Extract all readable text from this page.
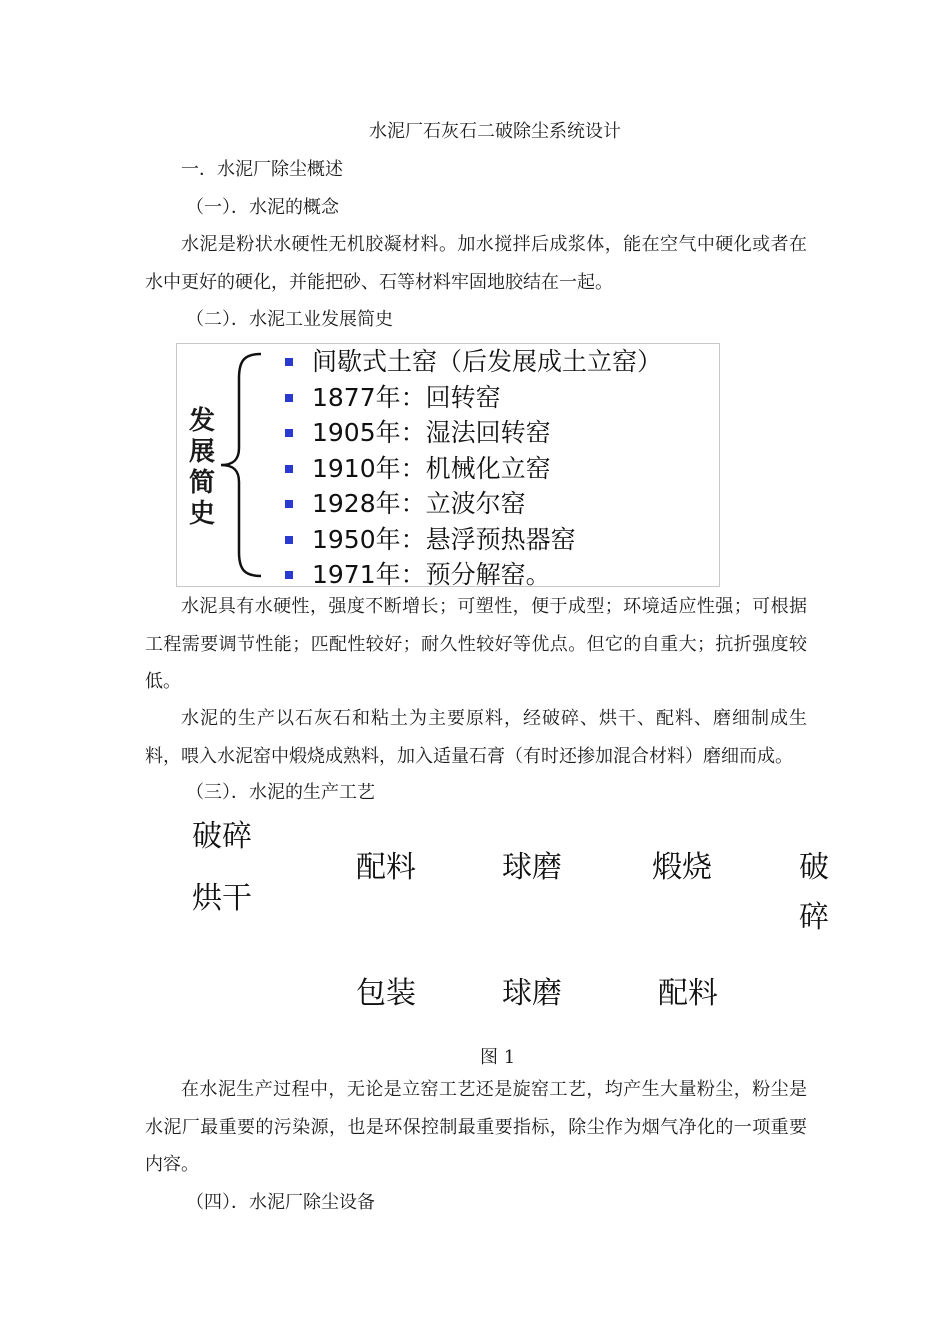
水泥厂石灰石二破除尘系统设计
一．水泥厂除尘概述
（一）．水泥的概念
水泥是粉状水硬性无机胶凝材料。加水搅拌后成浆体，能在空气中硬化或者在水中更好的硬化，并能把砂、石等材料牢固地胶结在一起。
（二）．水泥工业发展简史
发
展
简
史
间歇式土窑（后发展成土立窑）
1877年：回转窑
1905年：湿法回转窑
1910年：机械化立窑
1928年：立波尔窑
1950年：悬浮预热器窑
1971年：预分解窑。
水泥具有水硬性，强度不断增长；可塑性，便于成型；环境适应性强；可根据工程需要调节性能；匹配性较好；耐久性较好等优点。但它的自重大；抗折强度较低。
水泥的生产以石灰石和粘土为主要原料，经破碎、烘干、配料、磨细制成生料，喂入水泥窑中煅烧成熟料，加入适量石膏（有时还掺加混合材料）磨细而成。
（三）．水泥的生产工艺
破碎
烘干
配料	球磨	煅烧	破
碎
配料
球磨
包装
图 1
在水泥生产过程中，无论是立窑工艺还是旋窑工艺，均产生大量粉尘，粉尘是水泥厂最重要的污染源，也是环保控制最重要指标，除尘作为烟气净化的一项重要内容。
（四）．水泥厂除尘设备
